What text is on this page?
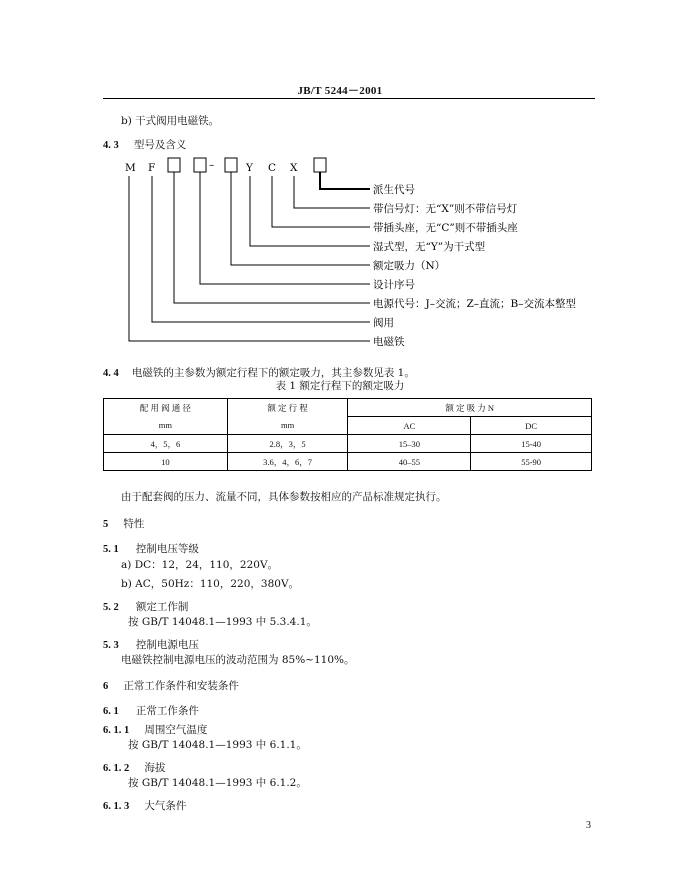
JB/T 5244－2001
b) 干式阀用电磁铁。
4. 3 型号及含义
M F	–	Y C X
派生代号
带信号灯：无“X”则不带信号灯
带插头座，无“C”则不带插头座
湿式型，无“Y”为干式型
额定吸力（N）
设计序号
电源代号：J–交流；Z–直流；B–交流本整型
阀用
电磁铁
4. 4 电磁铁的主参数为额定行程下的额定吸力，其主参数见表 1。
表 1 额定行程下的额定吸力
配 用 阀 通 径	额 定 行 程	额 定 吸 力 N	
mm	mm	AC	DC
4，5，6	2.8，3，5	15–30	15-40
10	3.6，4，6，7	40–55	55-90
由于配套阀的压力、流量不同，具体参数按相应的产品标准规定执行。
5 特性
5. 1 控制电压等级
a) DC：12，24，110，220V。
b) AC，50Hz：110，220，380V。
5. 2 额定工作制
按 GB/T 14048.1—1993 中 5.3.4.1。
5. 3 控制电源电压
电磁铁控制电源电压的波动范围为 85%~110%。
6 正常工作条件和安装条件
6. 1 正常工作条件
6. 1. 1 周围空气温度
按 GB/T 14048.1—1993 中 6.1.1。
6. 1. 2 海拔
按 GB/T 14048.1—1993 中 6.1.2。
6. 1. 3 大气条件
3
